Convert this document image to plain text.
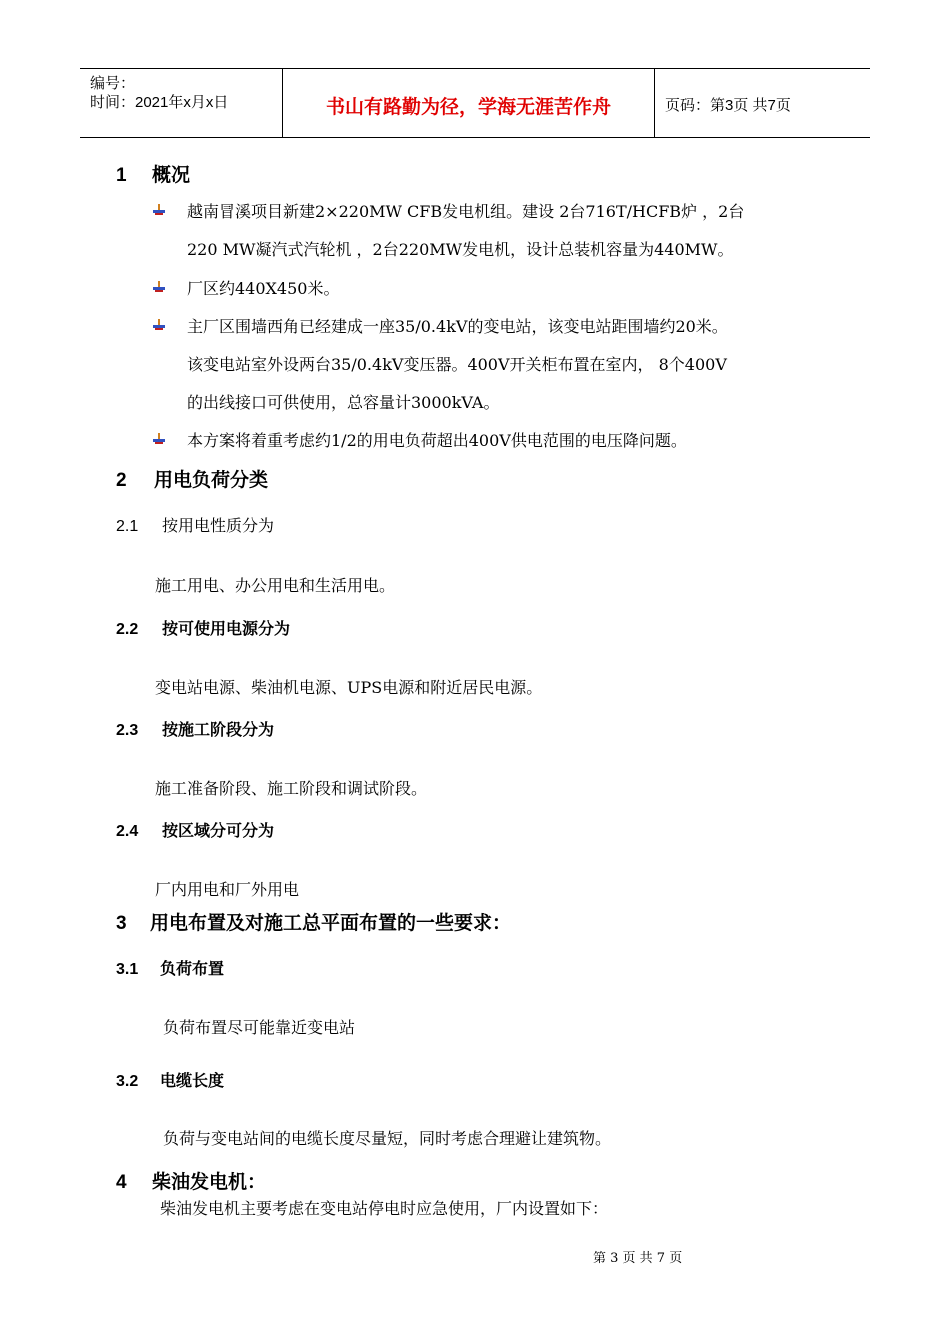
编号：
时间：2021年x月x日	书山有路勤为径，学海无涯苦作舟	页码：第3页 共7页
1 概况
越南冒溪项目新建2×220MW CFB发电机组。建设 2台716T/HCFB炉 ，2台
220 MW凝汽式汽轮机 ，2台220MW发电机，设计总装机容量为440MW。
厂区约440X450米。
主厂区围墙西角已经建成一座35/0.4kV的变电站，该变电站距围墙约20米。
该变电站室外设两台35/0.4kV变压器。400V开关柜布置在室内， 8个400V
的出线接口可供使用，总容量计3000kVA。
本方案将着重考虑约1/2的用电负荷超出400V供电范围的电压降问题。
2 用电负荷分类
2.1 按用电性质分为
施工用电、办公用电和生活用电。
2.2 按可使用电源分为
变电站电源、柴油机电源、UPS电源和附近居民电源。
2.3 按施工阶段分为
施工准备阶段、施工阶段和调试阶段。
2.4 按区域分可分为
厂内用电和厂外用电
3 用电布置及对施工总平面布置的一些要求：
3.1 负荷布置
负荷布置尽可能靠近变电站
3.2 电缆长度
负荷与变电站间的电缆长度尽量短，同时考虑合理避让建筑物。
4 柴油发电机：
柴油发电机主要考虑在变电站停电时应急使用，厂内设置如下：
第 3 页 共 7 页
